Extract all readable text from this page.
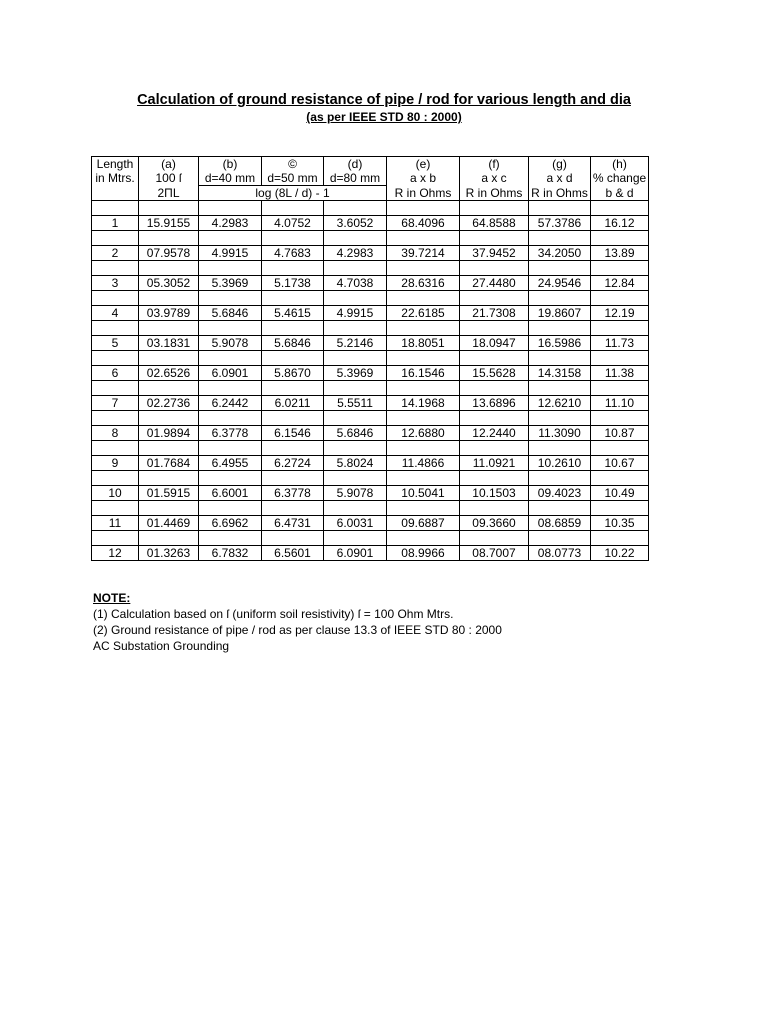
Calculation of ground resistance of pipe / rod for various length and dia
(as per IEEE STD 80 : 2000)
Length	(a)	(b)	©	(d)	(e)	(f)	(g)	(h)
in Mtrs.	100 ſ	d=40 mm	d=50 mm	d=80 mm	a x b	a x c	a x d	% change
	2ΠL	log (8L / d) - 1			R in Ohms	R in Ohms	R in Ohms	b & d

1	15.9155	4.2983	4.0752	3.6052	68.4096	64.8588	57.3786	16.12

2	07.9578	4.9915	4.7683	4.2983	39.7214	37.9452	34.2050	13.89

3	05.3052	5.3969	5.1738	4.7038	28.6316	27.4480	24.9546	12.84

4	03.9789	5.6846	5.4615	4.9915	22.6185	21.7308	19.8607	12.19

5	03.1831	5.9078	5.6846	5.2146	18.8051	18.0947	16.5986	11.73

6	02.6526	6.0901	5.8670	5.3969	16.1546	15.5628	14.3158	11.38

7	02.2736	6.2442	6.0211	5.5511	14.1968	13.6896	12.6210	11.10

8	01.9894	6.3778	6.1546	5.6846	12.6880	12.2440	11.3090	10.87

9	01.7684	6.4955	6.2724	5.8024	11.4866	11.0921	10.2610	10.67

10	01.5915	6.6001	6.3778	5.9078	10.5041	10.1503	09.4023	10.49

11	01.4469	6.6962	6.4731	6.0031	09.6887	09.3660	08.6859	10.35

12	01.3263	6.7832	6.5601	6.0901	08.9966	08.7007	08.0773	10.22
NOTE:
(1) Calculation based on ſ (uniform soil resistivity) ſ = 100 Ohm Mtrs.
(2) Ground resistance of pipe / rod as per clause 13.3 of IEEE STD 80 : 2000
AC Substation Grounding
